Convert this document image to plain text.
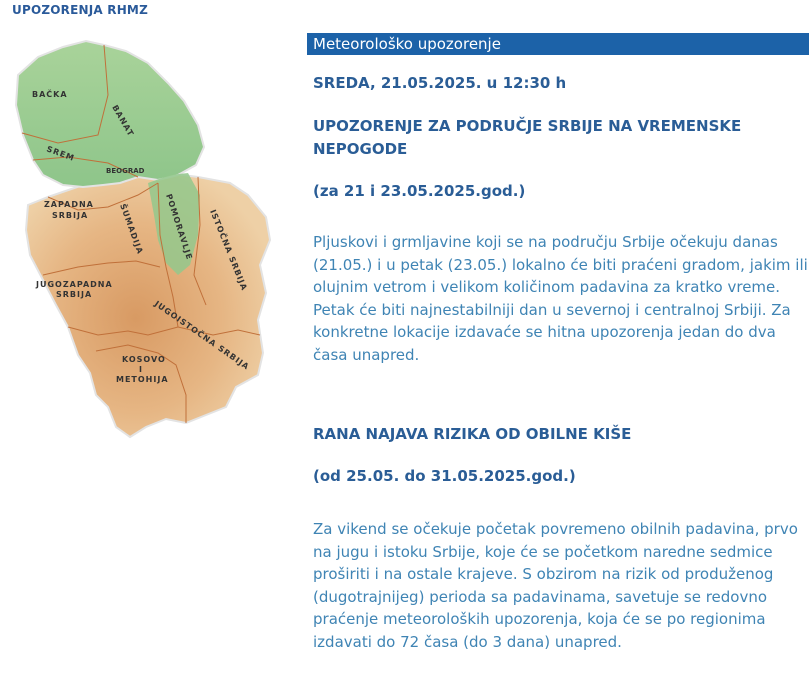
UPOZORENJA RHMZ
BAČKA
BANAT
SREM
BEOGRAD
ZAPADNA
SRBIJA	ŠUMADIJA POMORAVLJE ISTOČNA SRBIJA
JUGOZAPADNA
SRBIJA
JUGOISTOČNA SRBIJA
KOSOVO
I
METOHIJA
Meteorološko upozorenje
SREDA, 21.05.2025. u 12:30 h
UPOZORENJE ZA PODRUČJE SRBIJE NA VREMENSKE NEPOGODE
(za 21 i 23.05.2025.god.)

Pljuskovi i grmljavine koji se na području Srbije očekuju danas (21.05.) i u petak (23.05.) lokalno će biti praćeni gradom, jakim ili olujnim vetrom i velikom količinom padavina za kratko vreme. Petak će biti najnestabilniji dan u severnoj i centralnoj Srbiji. Za konkretne lokacije izdavaće se hitna upozorenja jedan do dva časa unapred.

RANA NAJAVA RIZIKA OD OBILNE KIŠE
(od 25.05. do 31.05.2025.god.)

Za vikend se očekuje početak povremeno obilnih padavina, prvo na jugu i istoku Srbije, koje će se početkom naredne sedmice proširiti i na ostale krajeve. S obzirom na rizik od produženog (dugotrajnijeg) perioda sa padavinama, savetuje se redovno praćenje meteoroloških upozorenja, koja će se po regionima izdavati do 72 časa (do 3 dana) unapred.
